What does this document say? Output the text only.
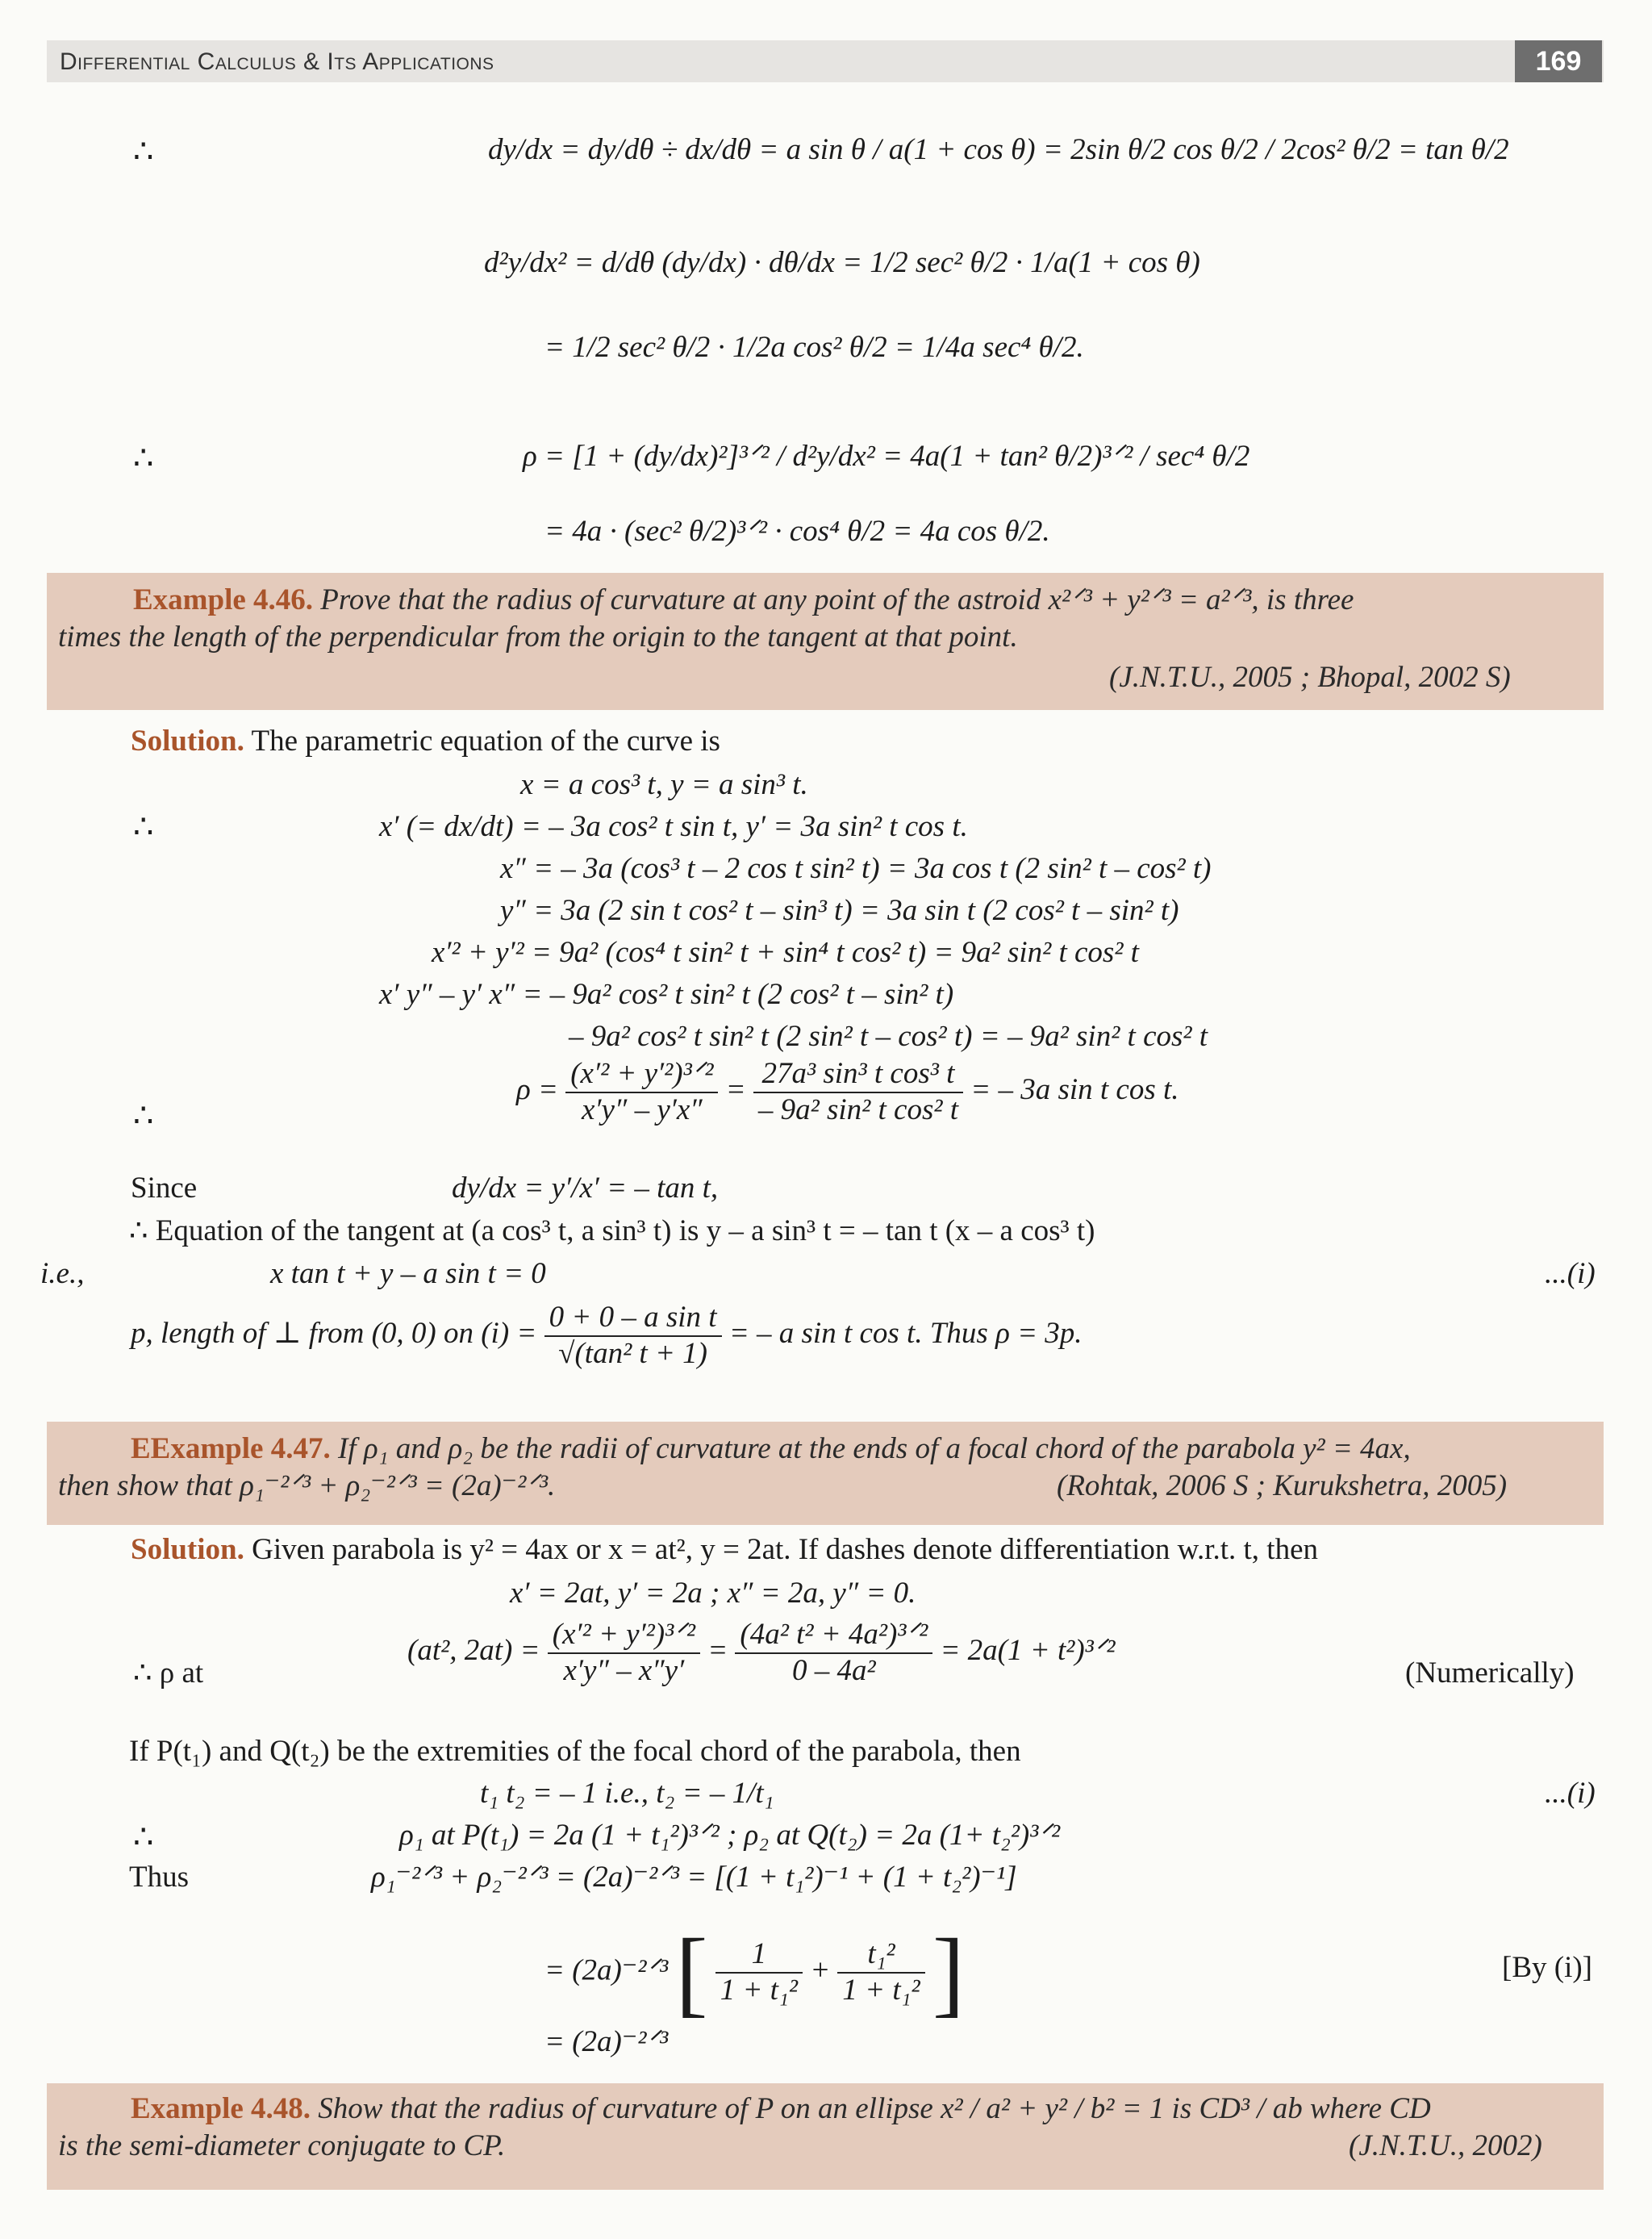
Differential Calculus & Its Applications	169
∴	dy/dx = dy/dθ ÷ dx/dθ = a sin θ / a(1 + cos θ) = 2sin θ/2 cos θ/2 / 2cos² θ/2 = tan θ/2
d²y/dx² = d/dθ (dy/dx) · dθ/dx = 1/2 sec² θ/2 · 1/a(1 + cos θ)
= 1/2 sec² θ/2 · 1/2a cos² θ/2 = 1/4a sec⁴ θ/2.
∴	ρ = [1 + (dy/dx)²]³ᐟ² / d²y/dx² = 4a(1 + tan² θ/2)³ᐟ² / sec⁴ θ/2
= 4a · (sec² θ/2)³ᐟ² · cos⁴ θ/2 = 4a cos θ/2.
Example 4.46. Prove that the radius of curvature at any point of the astroid x²ᐟ³ + y²ᐟ³ = a²ᐟ³, is three
times the length of the perpendicular from the origin to the tangent at that point.
(J.N.T.U., 2005 ; Bhopal, 2002 S)
Solution. The parametric equation of the curve is
x = a cos³ t, y = a sin³ t.
∴	x′ (= dx/dt) = – 3a cos² t sin t, y′ = 3a sin² t cos t.
x″ = – 3a (cos³ t – 2 cos t sin² t) = 3a cos t (2 sin² t – cos² t)
y″ = 3a (2 sin t cos² t – sin³ t) = 3a sin t (2 cos² t – sin² t)
x′² + y′² = 9a² (cos⁴ t sin² t + sin⁴ t cos² t) = 9a² sin² t cos² t
x′ y″ – y′ x″ = – 9a² cos² t sin² t (2 cos² t – sin² t)
– 9a² cos² t sin² t (2 sin² t – cos² t) = – 9a² sin² t cos² t
∴
$\rho = \frac{\text{(x′² + y′²)³ᐟ²}}{x'y'' - y'x''} = \frac{\text{27a³ sin³ t cos³ t}}{\text{– 9a² sin² t cos² t}}$ = – 3a sin t cos t.
Since	dy/dx = y′/x′ = – tan t,
∴ Equation of the tangent at (a cos³ t, a sin³ t) is y – a sin³ t = – tan t (x – a cos³ t)
i.e.,	x tan t + y – a sin t = 0	...(i)
p, length of ⊥ from (0, 0) on $(i) = \frac{\text{0 + 0 – a sin t}}{\text{√(tan² t + 1)}}$ = – a sin t cos t. Thus ρ = 3p.
EExample 4.47. If ρ₁ and ρ₂ be the radii of curvature at the ends of a focal chord of the parabola y² = 4ax,
then show that ρ₁⁻²ᐟ³ + ρ₂⁻²ᐟ³ = (2a)⁻²ᐟ³.	(Rohtak, 2006 S ; Kurukshetra, 2005)
Solution. Given parabola is y² = 4ax or x = at², y = 2at. If dashes denote differentiation w.r.t. t, then
x′ = 2at, y′ = 2a ; x″ = 2a, y″ = 0.
∴ ρ at
(at², $2at) = \frac{\text{(x′² + y′²)³ᐟ²}}{x'y'' - x''y'} = \frac{\text{(4a² t² + 4a²)³ᐟ²}}{\text{0 – 4a²}} = 2a(1$ + t²)³ᐟ²
(Numerically)
If P(t₁) and Q(t₂) be the extremities of the focal chord of the parabola, then
t₁ t₂ = – 1 i.e., t₂ = – 1/t₁	...(i)
∴	ρ₁ at P(t₁) = 2a (1 + t₁²)³ᐟ² ; ρ₂ at Q(t₂) = 2a (1+ t₂²)³ᐟ²
Thus	ρ₁⁻²ᐟ³ + ρ₂⁻²ᐟ³ = (2a)⁻²ᐟ³ = [(1 + t₁²)⁻¹ + (1 + t₂²)⁻¹]
= (2a)⁻²ᐟ³ [ $\frac{1}{\text{1 + t₁²}} + \frac{\text{t₁²}}{\text{1 + t₁²}}$ ]	[By (i)]
= (2a)⁻²ᐟ³
Example 4.48. Show that the radius of curvature of P on an ellipse x² / a² + y² / b² = 1 is CD³ / ab where CD
is the semi-diameter conjugate to CP.	(J.N.T.U., 2002)
